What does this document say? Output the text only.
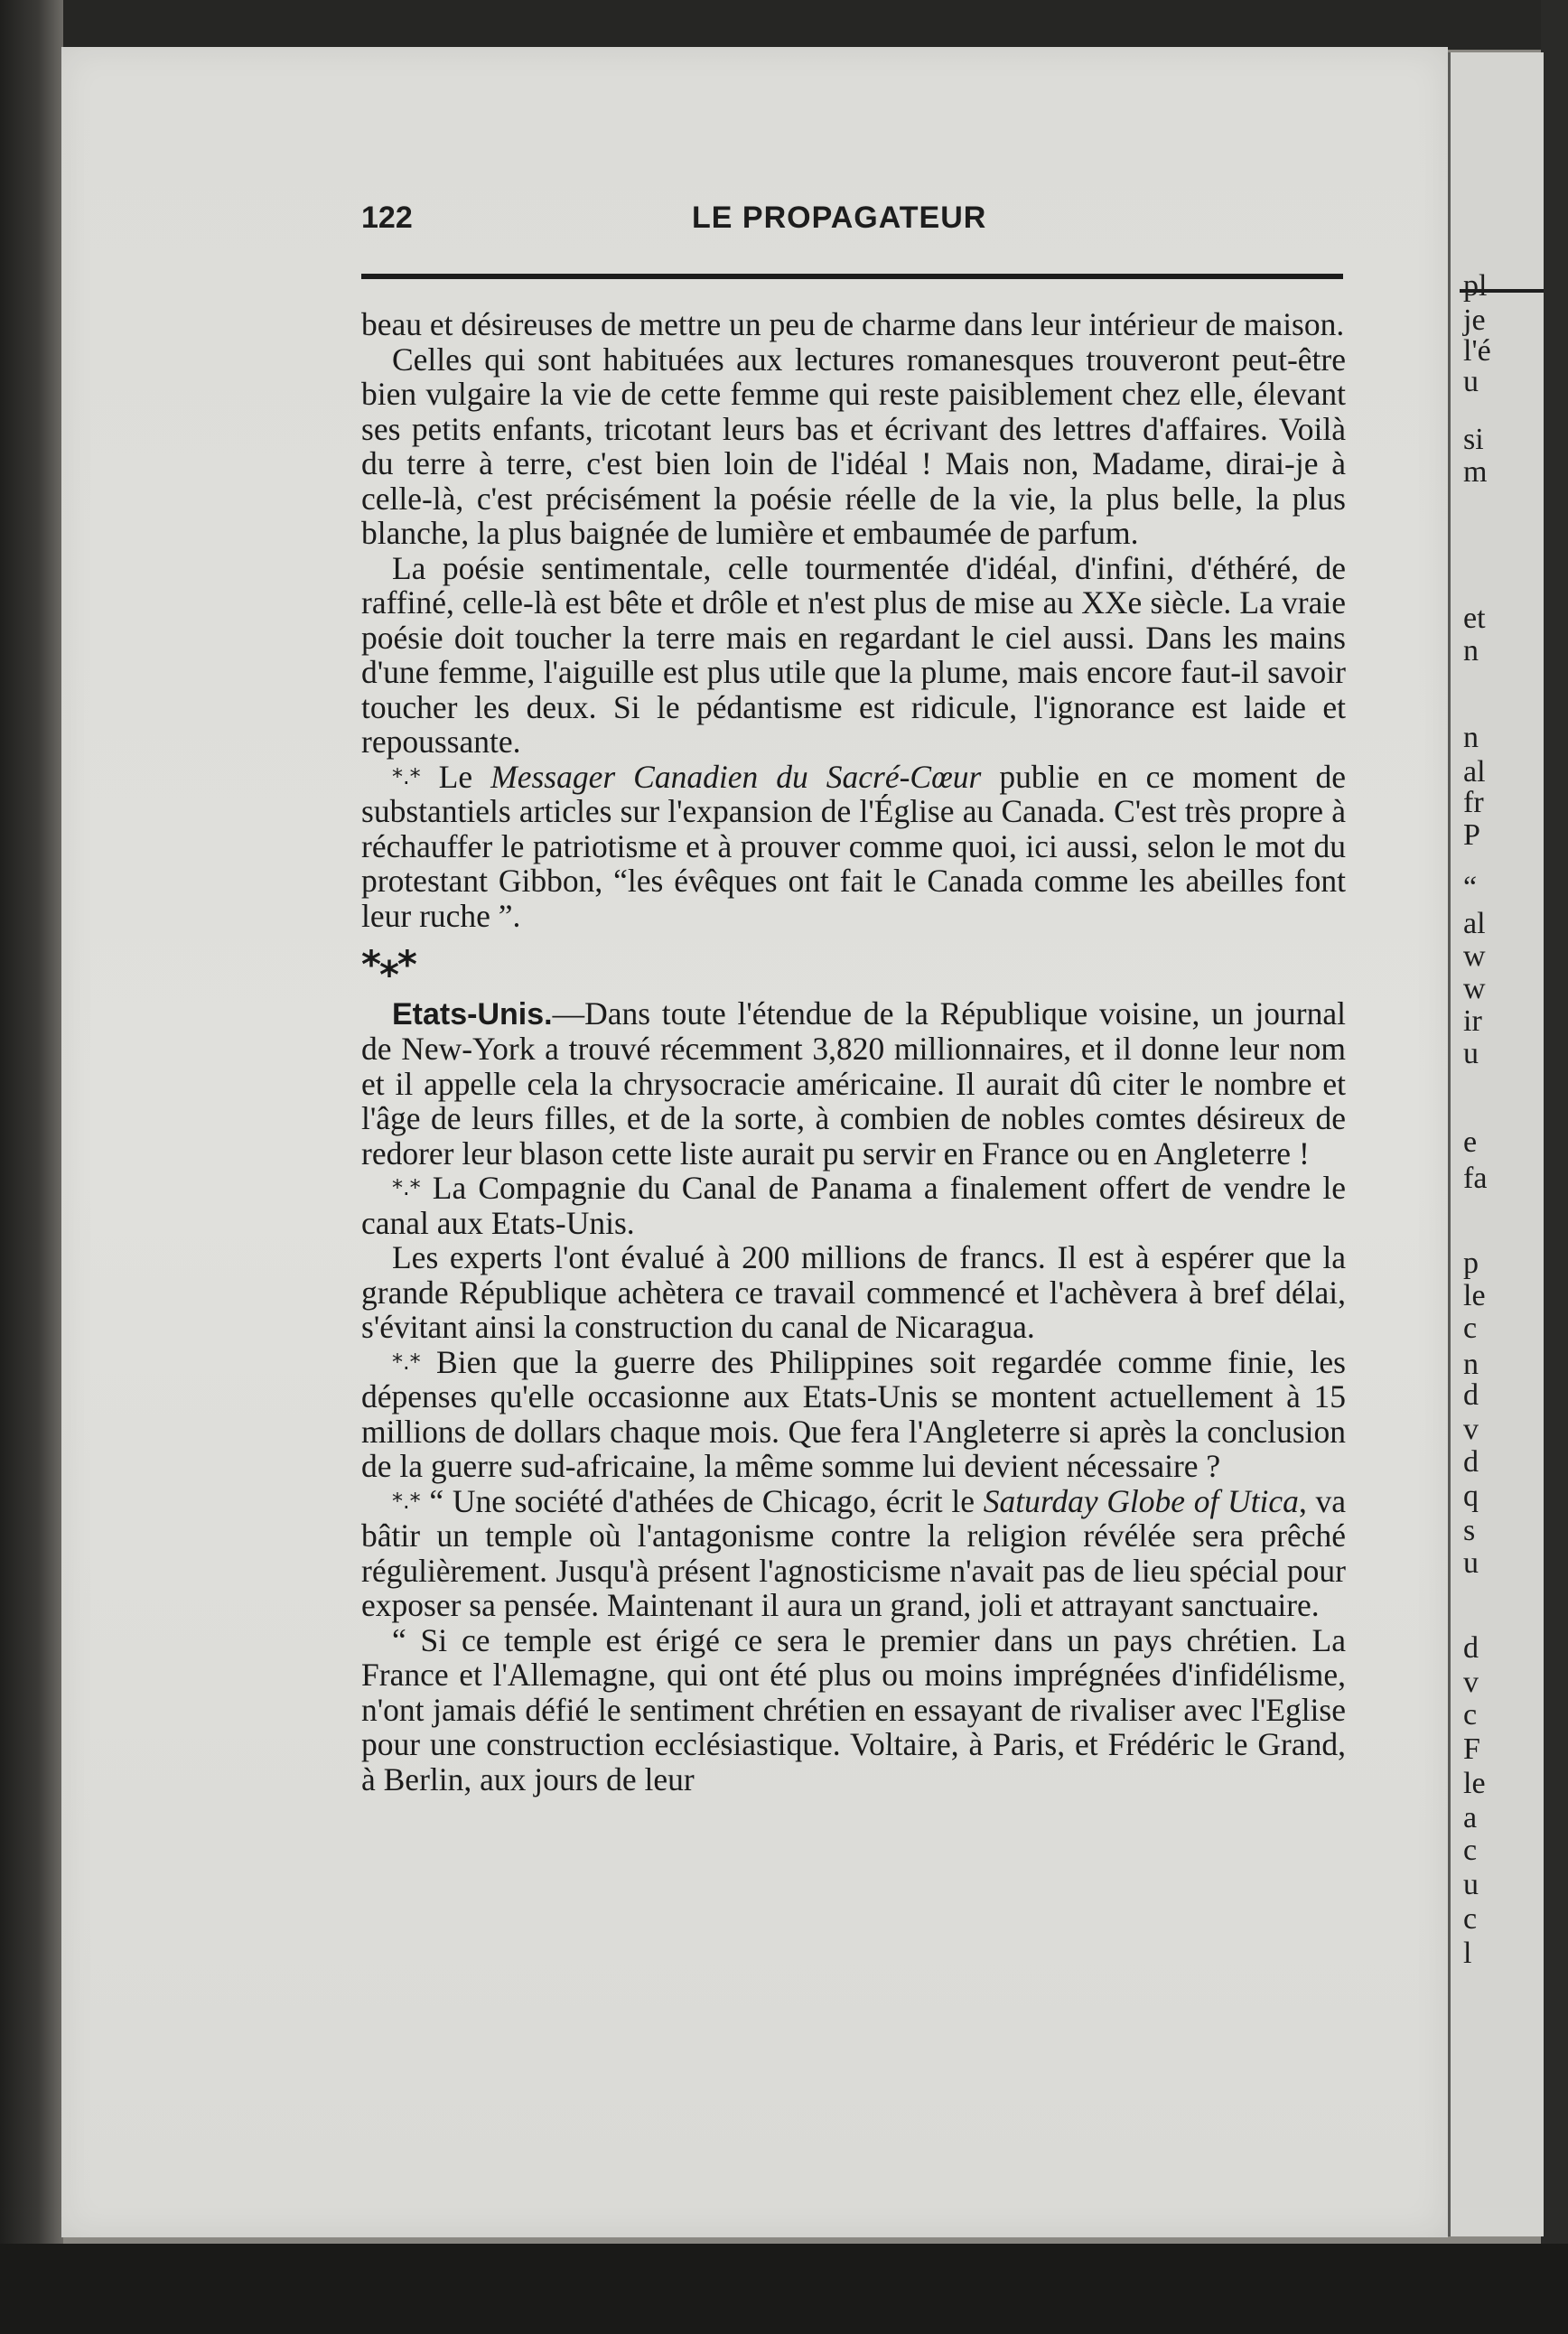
pl
je
l'é
u
si
m
et
n
n
al
fr
P
“
al
w
w
ir
u
e
fa
p
le
c
n
d
v
d
q
s
u
d
v
c
F
le
a
c
u
c
l
122	LE PROPAGATEUR

beau et désireuses de mettre un peu de charme dans leur intérieur de maison.

Celles qui sont habituées aux lectures romanesques trouveront peut-être bien vulgaire la vie de cette femme qui reste paisiblement chez elle, élevant ses petits enfants, tricotant leurs bas et écrivant des lettres d'affaires. Voilà du terre à terre, c'est bien loin de l'idéal ! Mais non, Madame, dirai-je à celle-là, c'est précisément la poésie réelle de la vie, la plus belle, la plus blanche, la plus baignée de lumière et embaumée de parfum.

La poésie sentimentale, celle tourmentée d'idéal, d'infini, d'éthéré, de raffiné, celle-là est bête et drôle et n'est plus de mise au XXe siècle. La vraie poésie doit toucher la terre mais en regardant le ciel aussi. Dans les mains d'une femme, l'aiguille est plus utile que la plume, mais encore faut-il savoir toucher les deux. Si le pédantisme est ridicule, l'ignorance est laide et repoussante.

*.* Le Messager Canadien du Sacré-Cœur publie en ce moment de substantiels articles sur l'expansion de l'Église au Canada. C'est très propre à réchauffer le patriotisme et à prouver comme quoi, ici aussi, selon le mot du protestant Gibbon, “les évêques ont fait le Canada comme les abeilles font leur ruche ”.

*⁎*

Etats-Unis.—Dans toute l'étendue de la République voisine, un journal de New-York a trouvé récemment 3,820 millionnaires, et il donne leur nom et il appelle cela la chrysocracie américaine. Il aurait dû citer le nombre et l'âge de leurs filles, et de la sorte, à combien de nobles comtes désireux de redorer leur blason cette liste aurait pu servir en France ou en Angleterre !

*.* La Compagnie du Canal de Panama a finalement offert de vendre le canal aux Etats-Unis.

Les experts l'ont évalué à 200 millions de francs. Il est à espérer que la grande République achètera ce travail commencé et l'achèvera à bref délai, s'évitant ainsi la construction du canal de Nicaragua.

*.* Bien que la guerre des Philippines soit regardée comme finie, les dépenses qu'elle occasionne aux Etats-Unis se montent actuellement à 15 millions de dollars chaque mois. Que fera l'Angleterre si après la conclusion de la guerre sud-africaine, la même somme lui devient nécessaire ?

*.* “ Une société d'athées de Chicago, écrit le Saturday Globe of Utica, va bâtir un temple où l'antagonisme contre la religion révélée sera prêché régulièrement. Jusqu'à présent l'agnosticisme n'avait pas de lieu spécial pour exposer sa pensée. Maintenant il aura un grand, joli et attrayant sanctuaire.

“ Si ce temple est érigé ce sera le premier dans un pays chrétien. La France et l'Allemagne, qui ont été plus ou moins imprégnées d'infidélisme, n'ont jamais défié le sentiment chrétien en essayant de rivaliser avec l'Eglise pour une construction ecclésiastique. Voltaire, à Paris, et Frédéric le Grand, à Berlin, aux jours de leur
